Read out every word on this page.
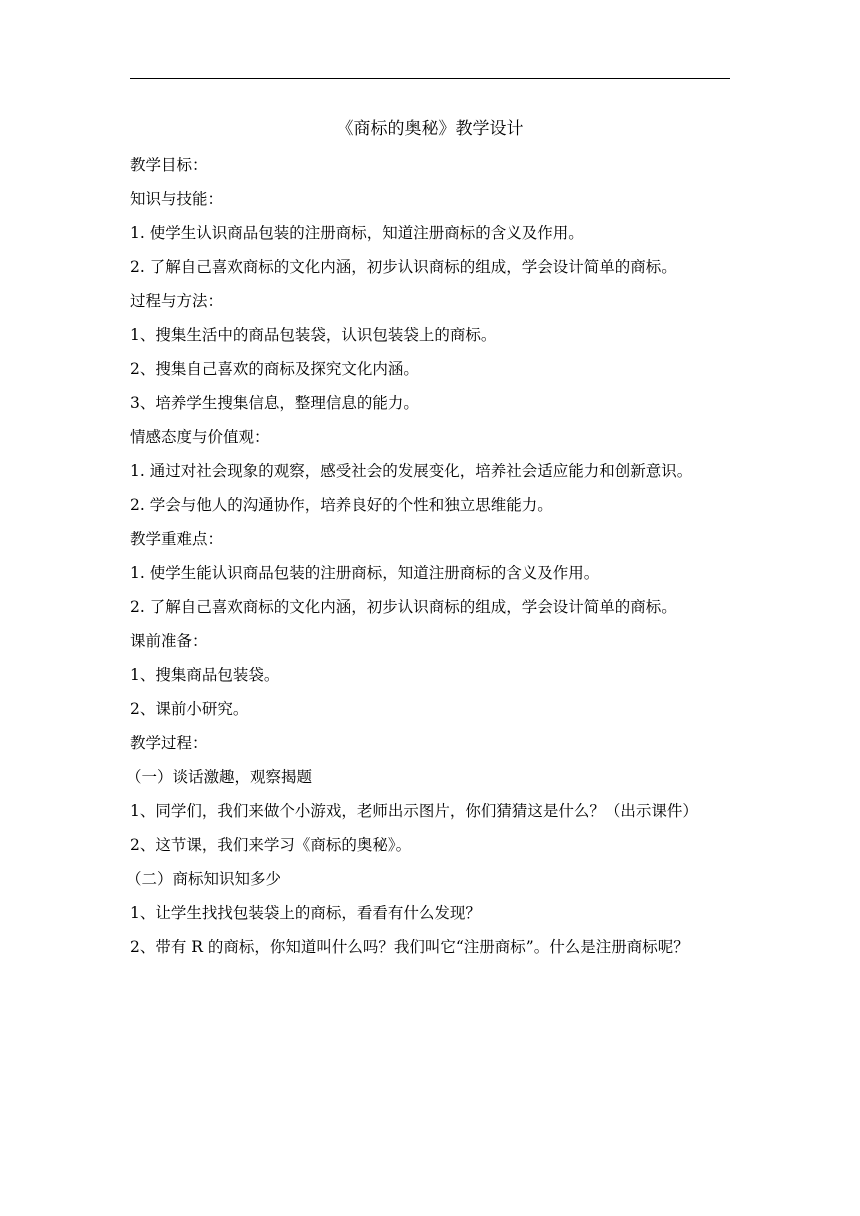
《商标的奥秘》教学设计

教学目标：

知识与技能：

1. 使学生认识商品包装的注册商标，知道注册商标的含义及作用。

2. 了解自己喜欢商标的文化内涵，初步认识商标的组成，学会设计简单的商标。

过程与方法：

1、搜集生活中的商品包装袋，认识包装袋上的商标。

2、搜集自己喜欢的商标及探究文化内涵。

3、培养学生搜集信息，整理信息的能力。

情感态度与价值观：

1. 通过对社会现象的观察，感受社会的发展变化，培养社会适应能力和创新意识。

2. 学会与他人的沟通协作，培养良好的个性和独立思维能力。

教学重难点：

1. 使学生能认识商品包装的注册商标，知道注册商标的含义及作用。

2. 了解自己喜欢商标的文化内涵，初步认识商标的组成，学会设计简单的商标。

课前准备：

1、搜集商品包装袋。

2、课前小研究。

教学过程：

（一）谈话激趣，观察揭题

1、同学们，我们来做个小游戏，老师出示图片，你们猜猜这是什么？（出示课件）

2、这节课，我们来学习《商标的奥秘》。

（二）商标知识知多少

1、让学生找找包装袋上的商标，看看有什么发现？

2、带有 R 的商标，你知道叫什么吗？我们叫它“注册商标”。什么是注册商标呢？
